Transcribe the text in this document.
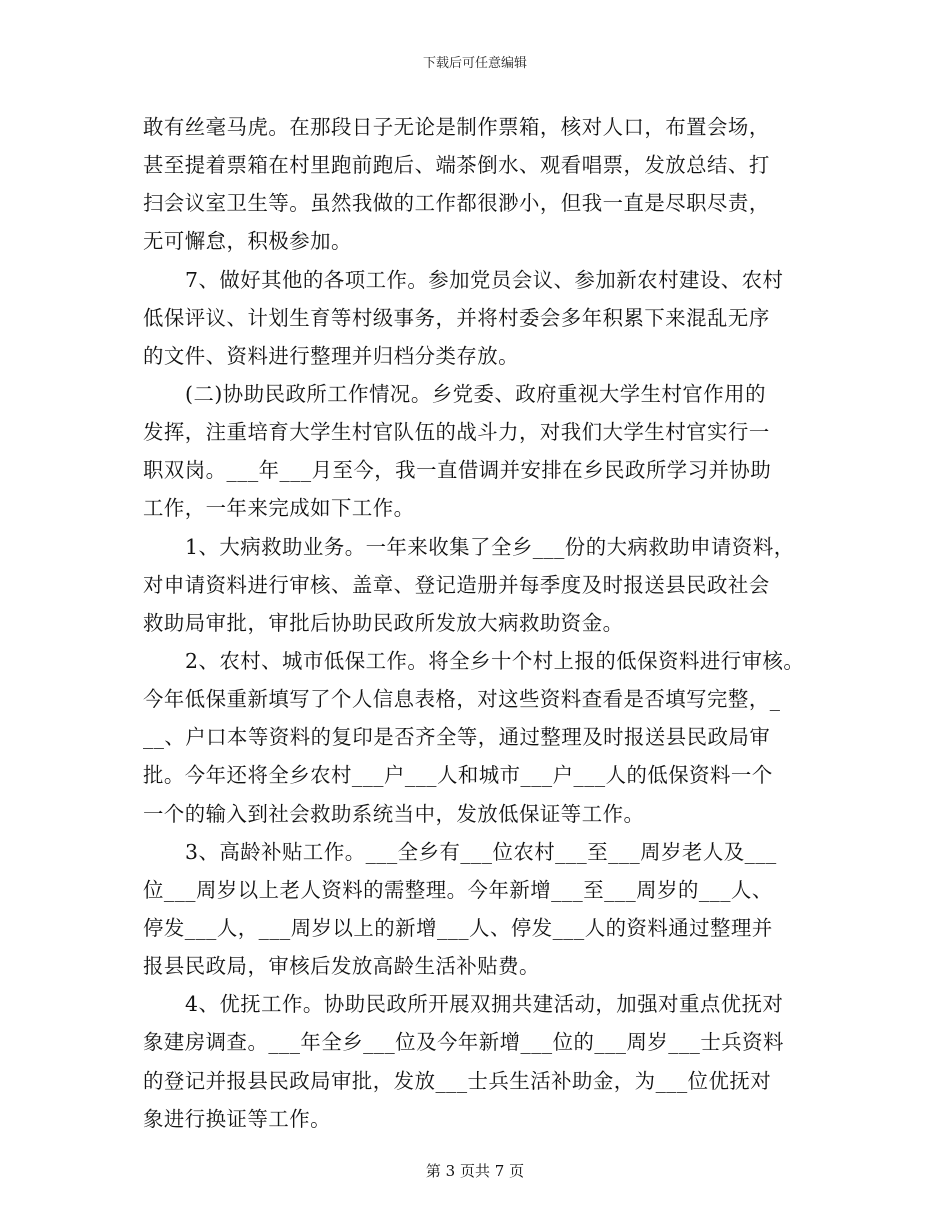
下载后可任意编辑
敢有丝毫马虎。在那段日子无论是制作票箱，核对人口，布置会场，
甚至提着票箱在村里跑前跑后、端茶倒水、观看唱票，发放总结、打
扫会议室卫生等。虽然我做的工作都很渺小，但我一直是尽职尽责，
无可懈怠，积极参加。
7、做好其他的各项工作。参加党员会议、参加新农村建设、农村
低保评议、计划生育等村级事务，并将村委会多年积累下来混乱无序
的文件、资料进行整理并归档分类存放。
(二)协助民政所工作情况。乡党委、政府重视大学生村官作用的
发挥，注重培育大学生村官队伍的战斗力，对我们大学生村官实行一
职双岗。___年___月至今，我一直借调并安排在乡民政所学习并协助
工作，一年来完成如下工作。
1、大病救助业务。一年来收集了全乡___份的大病救助申请资料，
对申请资料进行审核、盖章、登记造册并每季度及时报送县民政社会
救助局审批，审批后协助民政所发放大病救助资金。
2、农村、城市低保工作。将全乡十个村上报的低保资料进行审核。
今年低保重新填写了个人信息表格，对这些资料查看是否填写完整，_
__、户口本等资料的复印是否齐全等，通过整理及时报送县民政局审
批。今年还将全乡农村___户___人和城市___户___人的低保资料一个
一个的输入到社会救助系统当中，发放低保证等工作。
3、高龄补贴工作。___全乡有___位农村___至___周岁老人及___
位___周岁以上老人资料的需整理。今年新增___至___周岁的___人、
停发___人，___周岁以上的新增___人、停发___人的资料通过整理并
报县民政局，审核后发放高龄生活补贴费。
4、优抚工作。协助民政所开展双拥共建活动，加强对重点优抚对
象建房调查。___年全乡___位及今年新增___位的___周岁___士兵资料
的登记并报县民政局审批，发放___士兵生活补助金，为___位优抚对
象进行换证等工作。
第 3 页共 7 页
